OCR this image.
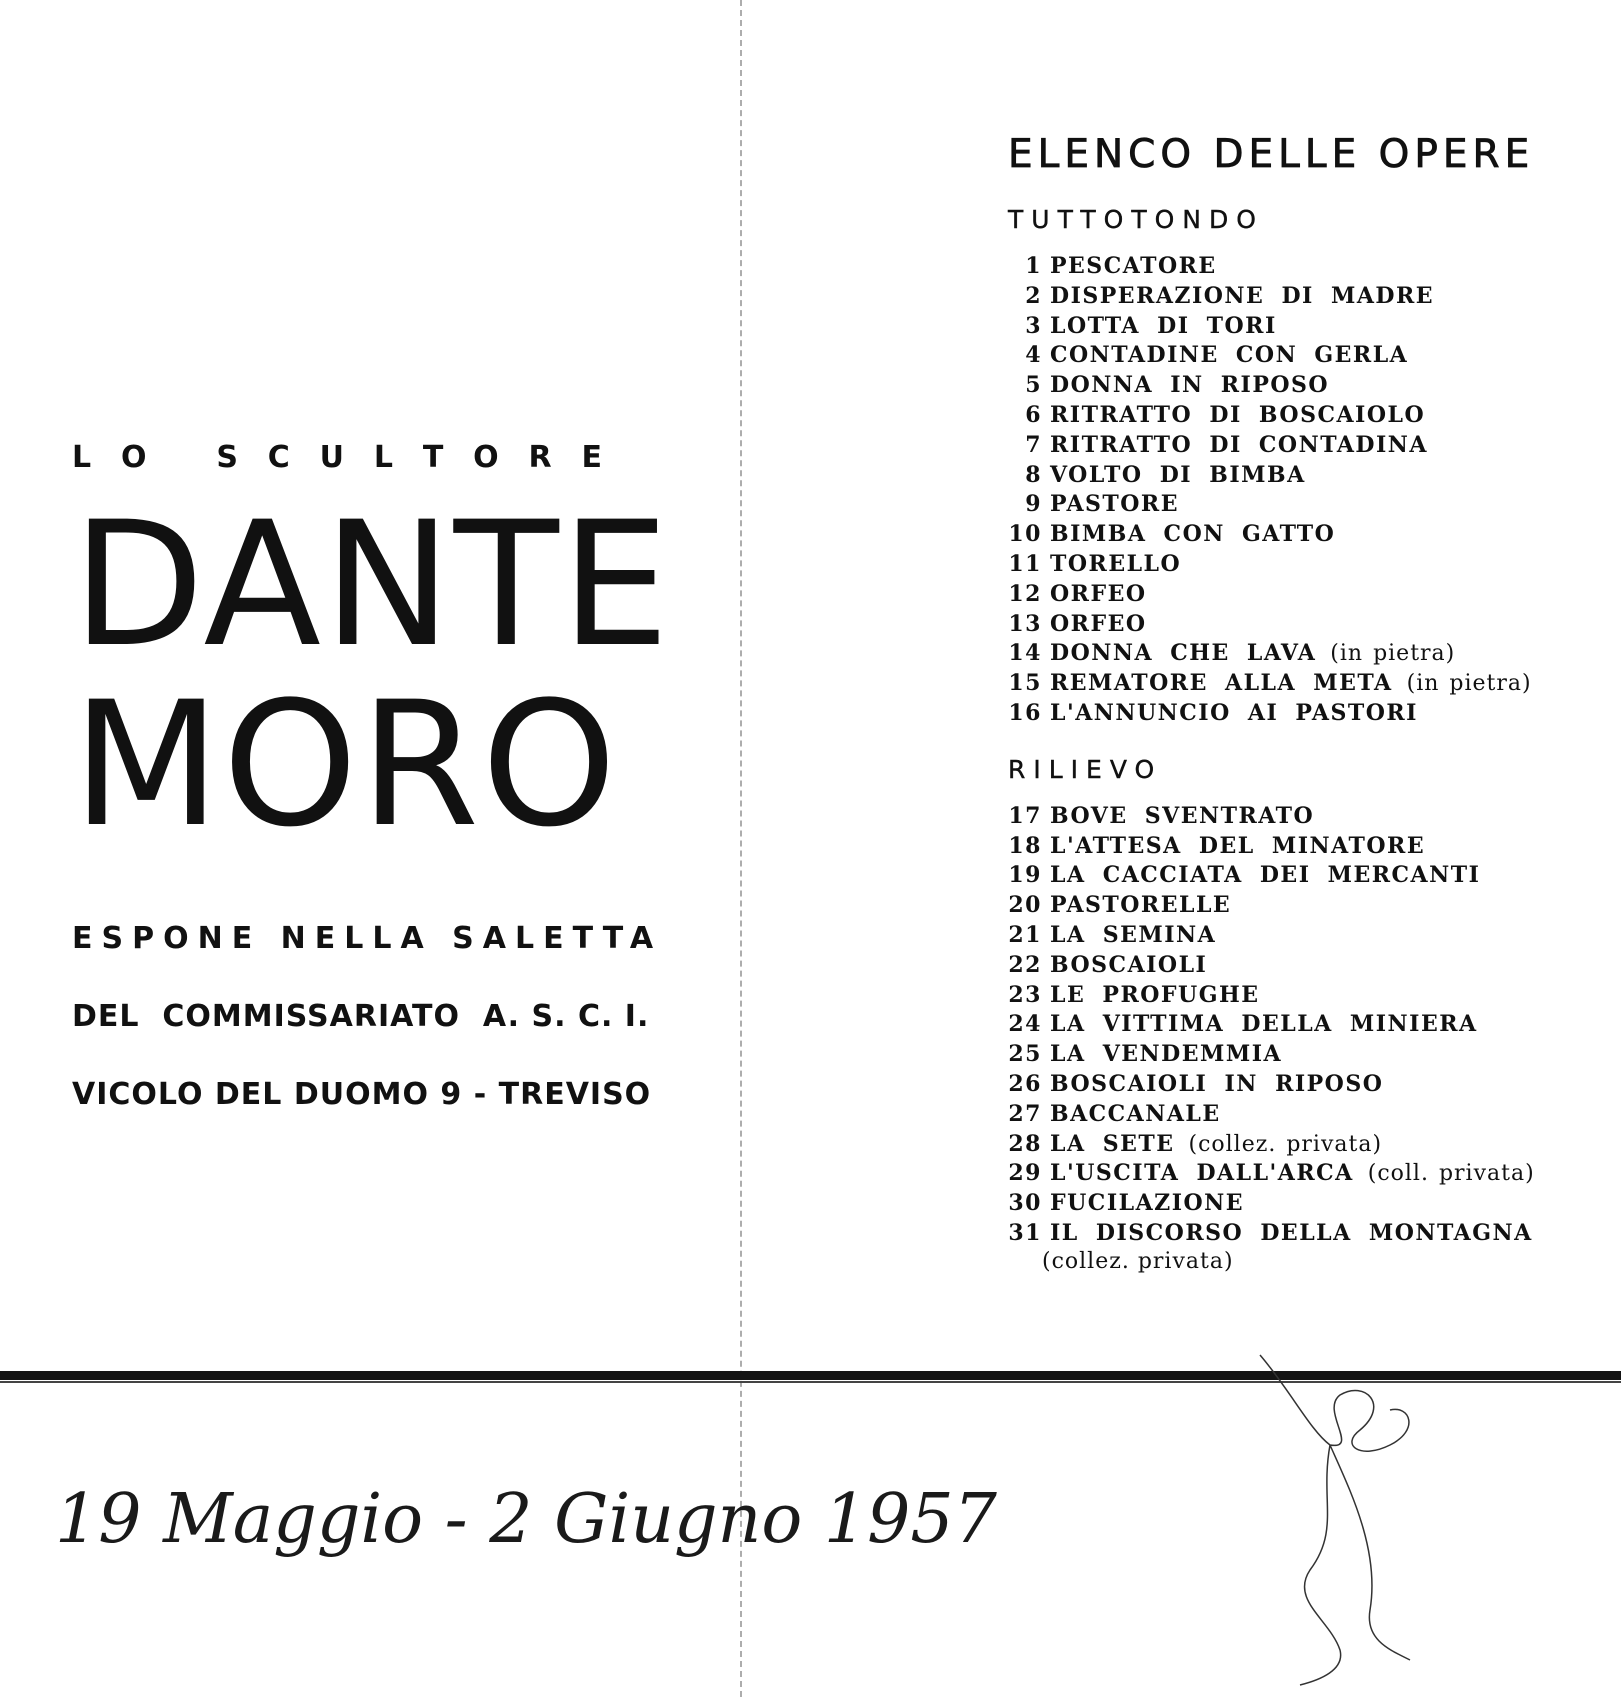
L O S C U L T O R E
DANTE
MORO
ESPONE NELLA SALETTA
DEL  COMMISSARIATO  A. S. C. I.
VICOLO DEL DUOMO 9 - TREVISO
19 Maggio - 2 Giugno 1957
ELENCO DELLE OPERE
TUTTOTONDO
1 PESCATORE
2 DISPERAZIONE DI MADRE
3 LOTTA DI TORI
4 CONTADINE CON GERLA
5 DONNA IN RIPOSO
6 RITRATTO DI BOSCAIOLO
7 RITRATTO DI CONTADINA
8 VOLTO DI BIMBA
9 PASTORE
10 BIMBA CON GATTO
11 TORELLO
12 ORFEO
13 ORFEO
14 DONNA CHE LAVA (in pietra)
15 REMATORE ALLA META (in pietra)
16 L'ANNUNCIO AI PASTORI
RILIEVO
17 BOVE SVENTRATO
18 L'ATTESA DEL MINATORE
19 LA CACCIATA DEI MERCANTI
20 PASTORELLE
21 LA SEMINA
22 BOSCAIOLI
23 LE PROFUGHE
24 LA VITTIMA DELLA MINIERA
25 LA VENDEMMIA
26 BOSCAIOLI IN RIPOSO
27 BACCANALE
28 LA SETE (collez. privata)
29 L'USCITA DALL'ARCA (coll. privata)
30 FUCILAZIONE
31 IL DISCORSO DELLA MONTAGNA
(collez. privata)
